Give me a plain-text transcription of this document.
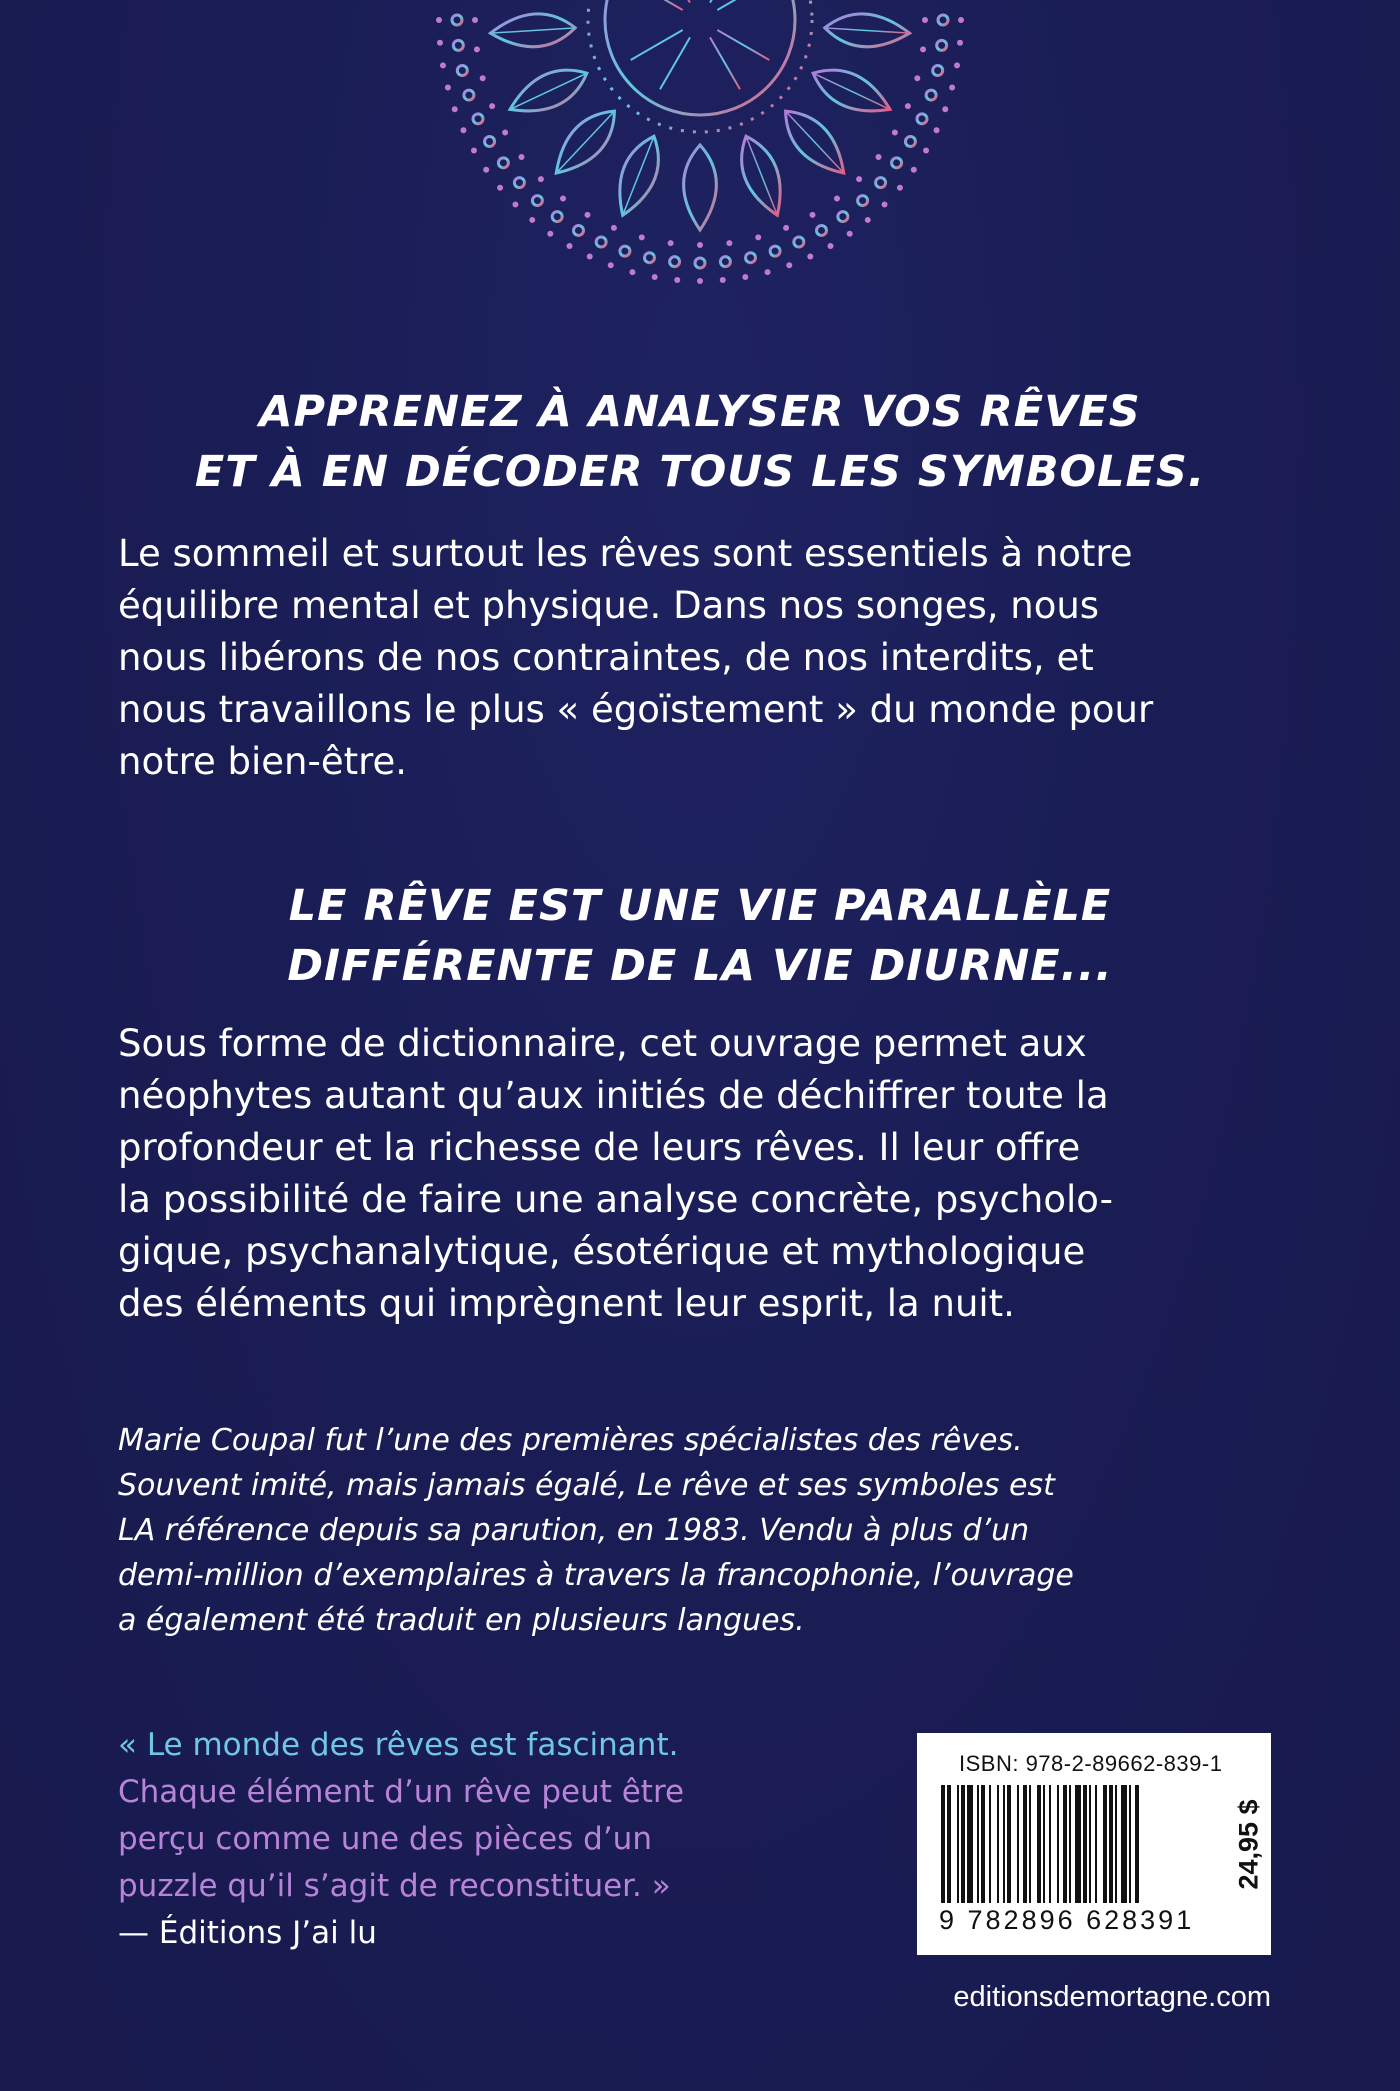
APPRENEZ À ANALYSER VOS RÊVES
ET À EN DÉCODER TOUS LES SYMBOLES.
Le sommeil et surtout les rêves sont essentiels à notre
équilibre mental et physique. Dans nos songes, nous
nous libérons de nos contraintes, de nos interdits, et
nous travaillons le plus « égoïstement » du monde pour
notre bien-être.
LE RÊVE EST UNE VIE PARALLÈLE
DIFFÉRENTE DE LA VIE DIURNE...
Sous forme de dictionnaire, cet ouvrage permet aux
néophytes autant qu’aux initiés de déchiffrer toute la
profondeur et la richesse de leurs rêves. Il leur offre
la possibilité de faire une analyse concrète, psycholo-
gique, psychanalytique, ésotérique et mythologique
des éléments qui imprègnent leur esprit, la nuit.
Marie Coupal fut l’une des premières spécialistes des rêves.
Souvent imité, mais jamais égalé, Le rêve et ses symboles est
LA référence depuis sa parution, en 1983. Vendu à plus d’un
demi-million d’exemplaires à travers la francophonie, l’ouvrage
a également été traduit en plusieurs langues.
« Le monde des rêves est fascinant.
Chaque élément d’un rêve peut être
perçu comme une des pièces d’un
puzzle qu’il s’agit de reconstituer. »
— Éditions J’ai lu
ISBN: 978-2-89662-839-1
9 782896 628391
24,95 $
editionsdemortagne.com
